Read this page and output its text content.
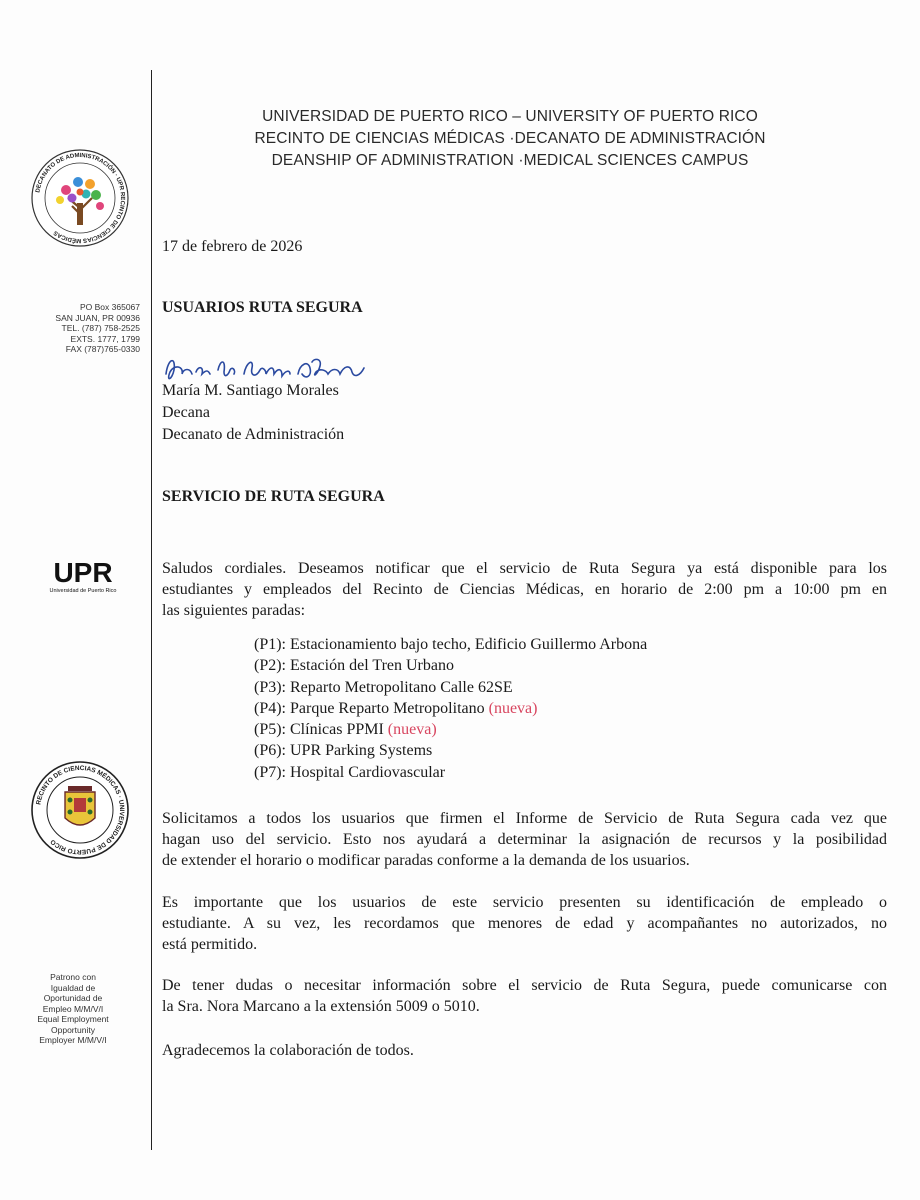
DECANATO DE ADMINISTRACIÓN · UPR RECINTO DE CIENCIAS MÉDICAS
PO Box 365067
SAN JUAN, PR 00936
TEL. (787) 758-2525
EXTS. 1777, 1799
FAX (787)765-0330
UPR
Universidad de Puerto Rico
RECINTO DE CIENCIAS MÉDICAS · UNIVERSIDAD DE PUERTO RICO
Patrono con
Igualdad de
Oportunidad de
Empleo M/M/V/I
Equal Employment
Opportunity
Employer M/M/V/I
UNIVERSIDAD DE PUERTO RICO – UNIVERSITY OF PUERTO RICO
RECINTO DE CIENCIAS MÉDICAS ·DECANATO DE ADMINISTRACIÓN
DEANSHIP OF ADMINISTRATION ·MEDICAL SCIENCES CAMPUS
17 de febrero de 2026
USUARIOS RUTA SEGURA
María M. Santiago Morales
Decana
Decanato de Administración
SERVICIO DE RUTA SEGURA
Saludos cordiales. Deseamos notificar que el servicio de Ruta Segura ya está disponible para los
estudiantes y empleados del Recinto de Ciencias Médicas, en horario de 2:00 pm a 10:00 pm en
las siguientes paradas:
(P1): Estacionamiento bajo techo, Edificio Guillermo Arbona
(P2): Estación del Tren Urbano
(P3): Reparto Metropolitano Calle 62SE
(P4): Parque Reparto Metropolitano (nueva)
(P5): Clínicas PPMI (nueva)
(P6): UPR Parking Systems
(P7): Hospital Cardiovascular
Solicitamos a todos los usuarios que firmen el Informe de Servicio de Ruta Segura cada vez que
hagan uso del servicio. Esto nos ayudará a determinar la asignación de recursos y la posibilidad
de extender el horario o modificar paradas conforme a la demanda de los usuarios.
Es importante que los usuarios de este servicio presenten su identificación de empleado o
estudiante. A su vez, les recordamos que menores de edad y acompañantes no autorizados, no
está permitido.
De tener dudas o necesitar información sobre el servicio de Ruta Segura, puede comunicarse con
la Sra. Nora Marcano a la extensión 5009 o 5010.
Agradecemos la colaboración de todos.
